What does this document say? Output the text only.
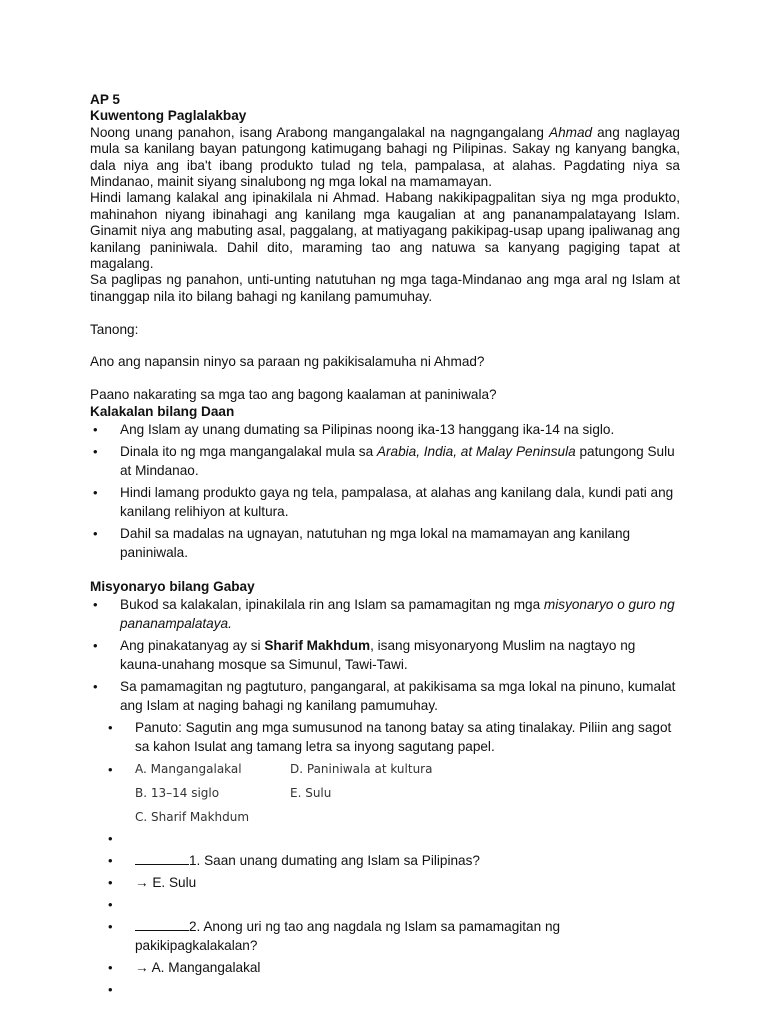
AP 5

Kuwentong Paglalakbay

Noong unang panahon, isang Arabong mangangalakal na nagngangalang Ahmad ang naglayag mula sa kanilang bayan patungong katimugang bahagi ng Pilipinas. Sakay ng kanyang bangka, dala niya ang iba't ibang produkto tulad ng tela, pampalasa, at alahas. Pagdating niya sa Mindanao, mainit siyang sinalubong ng mga lokal na mamamayan.

Hindi lamang kalakal ang ipinakilala ni Ahmad. Habang nakikipagpalitan siya ng mga produkto, mahinahon niyang ibinahagi ang kanilang mga kaugalian at ang pananampalatayang Islam. Ginamit niya ang mabuting asal, paggalang, at matiyagang pakikipag-usap upang ipaliwanag ang kanilang paniniwala. Dahil dito, maraming tao ang natuwa sa kanyang pagiging tapat at magalang.

Sa paglipas ng panahon, unti-unting natutuhan ng mga taga-Mindanao ang mga aral ng Islam at tinanggap nila ito bilang bahagi ng kanilang pamumuhay.

Tanong:

Ano ang napansin ninyo sa paraan ng pakikisalamuha ni Ahmad?

Paano nakarating sa mga tao ang bagong kaalaman at paniniwala?

Kalakalan bilang Daan

• Ang Islam ay unang dumating sa Pilipinas noong ika-13 hanggang ika-14 na siglo.
• Dinala ito ng mga mangangalakal mula sa Arabia, India, at Malay Peninsula patungong Sulu at Mindanao.
• Hindi lamang produkto gaya ng tela, pampalasa, at alahas ang kanilang dala, kundi pati ang kanilang relihiyon at kultura.
• Dahil sa madalas na ugnayan, natutuhan ng mga lokal na mamamayan ang kanilang paniniwala.

Misyonaryo bilang Gabay

• Bukod sa kalakalan, ipinakilala rin ang Islam sa pamamagitan ng mga misyonaryo o guro ng pananampalataya.
• Ang pinakatanyag ay si Sharif Makhdum, isang misyonaryong Muslim na nagtayo ng kauna-unahang mosque sa Simunul, Tawi-Tawi.
• Sa pamamagitan ng pagtuturo, pangangaral, at pakikisama sa mga lokal na pinuno, kumalat ang Islam at naging bahagi ng kanilang pamumuhay.
• Panuto: Sagutin ang mga sumusunod na tanong batay sa ating tinalakay. Piliin ang sagot sa kahon Isulat ang tamang letra sa inyong sagutang papel.
• A. Mangangalakal	D. Paniniwala at kultura
B. 13–14 siglo	E. Sulu
C. Sharif Makhdum
•
• 1. Saan unang dumating ang Islam sa Pilipinas?
• → E. Sulu
•
• 2. Anong uri ng tao ang nagdala ng Islam sa pamamagitan ng pakikipagkalakalan?
• → A. Mangangalakal
•
